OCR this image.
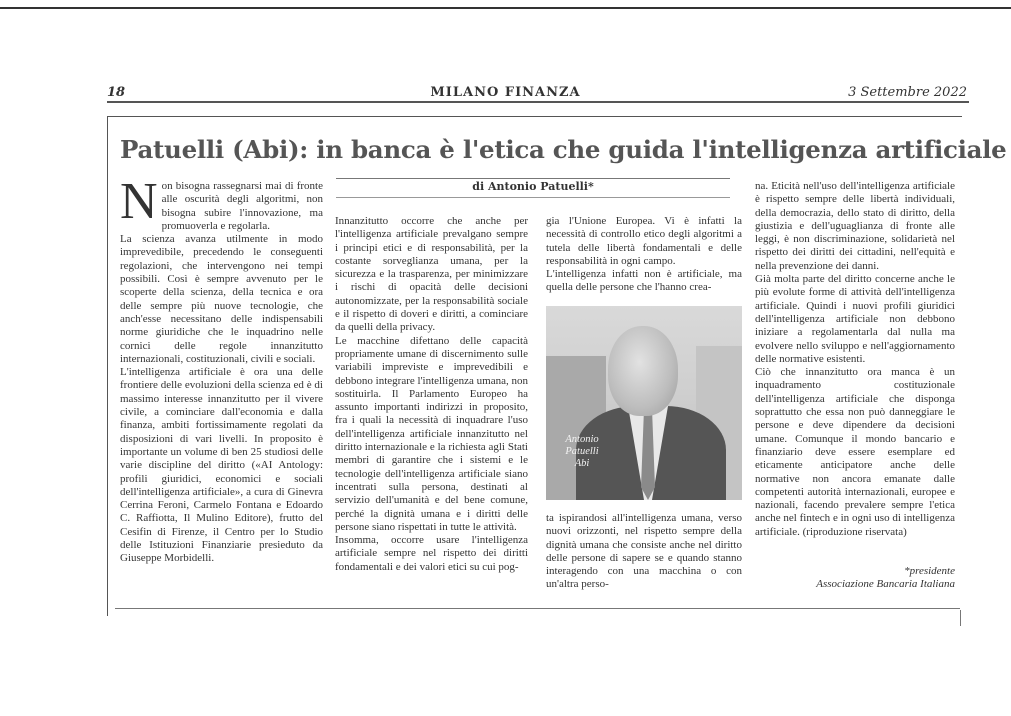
18	MILANO FINANZA	3 Settembre 2022
Patuelli (Abi): in banca è l'etica che guida l'intelligenza artificiale
di Antonio Patuelli*

Non bisogna rassegnarsi mai di fronte alle oscurità degli algoritmi, non bisogna subire l'innovazione, ma promuoverla e regolarla.

La scienza avanza utilmente in modo imprevedibile, precedendo le conseguenti regolazioni, che intervengono nei tempi possibili. Così è sempre avvenuto per le scoperte della scienza, della tecnica e ora delle sempre più nuove tecnologie, che anch'esse necessitano delle indispensabili norme giuridiche che le inquadrino nelle cornici delle regole innanzitutto internazionali, costituzionali, civili e sociali.

L'intelligenza artificiale è ora una delle frontiere delle evoluzioni della scienza ed è di massimo interesse innanzitutto per il vivere civile, a cominciare dall'economia e dalla finanza, ambiti fortissimamente regolati da disposizioni di vari livelli. In proposito è importante un volume di ben 25 studiosi delle varie discipline del diritto («AI Antology: profili giuridici, economici e sociali dell'intelligenza artificiale», a cura di Ginevra Cerrina Feroni, Carmelo Fontana e Edoardo C. Raffiotta, Il Mulino Editore), frutto del Cesifin di Firenze, il Centro per lo Studio delle Istituzioni Finanziarie presieduto da Giuseppe Morbidelli.

Innanzitutto occorre che anche per l'intelligenza artificiale prevalgano sempre i principi etici e di responsabilità, per la costante sorveglianza umana, per la sicurezza e la trasparenza, per minimizzare i rischi di opacità delle decisioni autonomizzate, per la responsabilità sociale e il rispetto di doveri e diritti, a cominciare da quelli della privacy.

Le macchine difettano delle capacità propriamente umane di discernimento sulle variabili impreviste e imprevedibili e debbono integrare l'intelligenza umana, non sostituirla. Il Parlamento Europeo ha assunto importanti indirizzi in proposito, fra i quali la necessità di inquadrare l'uso dell'intelligenza artificiale innanzitutto nel diritto internazionale e la richiesta agli Stati membri di garantire che i sistemi e le tecnologie dell'intelligenza artificiale siano incentrati sulla persona, destinati al servizio dell'umanità e del bene comune, perché la dignità umana e i diritti delle persone siano rispettati in tutte le attività.

Insomma, occorre usare l'intelligenza artificiale sempre nel rispetto dei diritti fondamentali e dei valori etici su cui pog-

gia l'Unione Europea. Vi è infatti la necessità di controllo etico degli algoritmi a tutela delle libertà fondamentali e delle responsabilità in ogni campo.

L'intelligenza infatti non è artificiale, ma quella delle persone che l'hanno crea-

Antonio
Patuelli
Abi

ta ispirandosi all'intelligenza umana, verso nuovi orizzonti, nel rispetto sempre della dignità umana che consiste anche nel diritto delle persone di sapere se e quando stanno interagendo con una macchina o con un'altra perso-

na. Eticità nell'uso dell'intelligenza artificiale è rispetto sempre delle libertà individuali, della democrazia, dello stato di diritto, della giustizia e dell'uguaglianza di fronte alle leggi, è non discriminazione, solidarietà nel rispetto dei diritti dei cittadini, nell'equità e nella prevenzione dei danni.

Già molta parte del diritto concerne anche le più evolute forme di attività dell'intelligenza artificiale. Quindi i nuovi profili giuridici dell'intelligenza artificiale non debbono iniziare a regolamentarla dal nulla ma evolvere nello sviluppo e nell'aggiornamento delle normative esistenti.

Ciò che innanzitutto ora manca è un inquadramento costituzionale dell'intelligenza artificiale che disponga soprattutto che essa non può danneggiare le persone e deve dipendere da decisioni umane. Comunque il mondo bancario e finanziario deve essere esemplare ed eticamente anticipatore anche delle normative non ancora emanate dalle competenti autorità internazionali, europee e nazionali, facendo prevalere sempre l'etica anche nel fintech e in ogni uso di intelligenza artificiale. (riproduzione riservata)

*presidente
Associazione Bancaria Italiana
